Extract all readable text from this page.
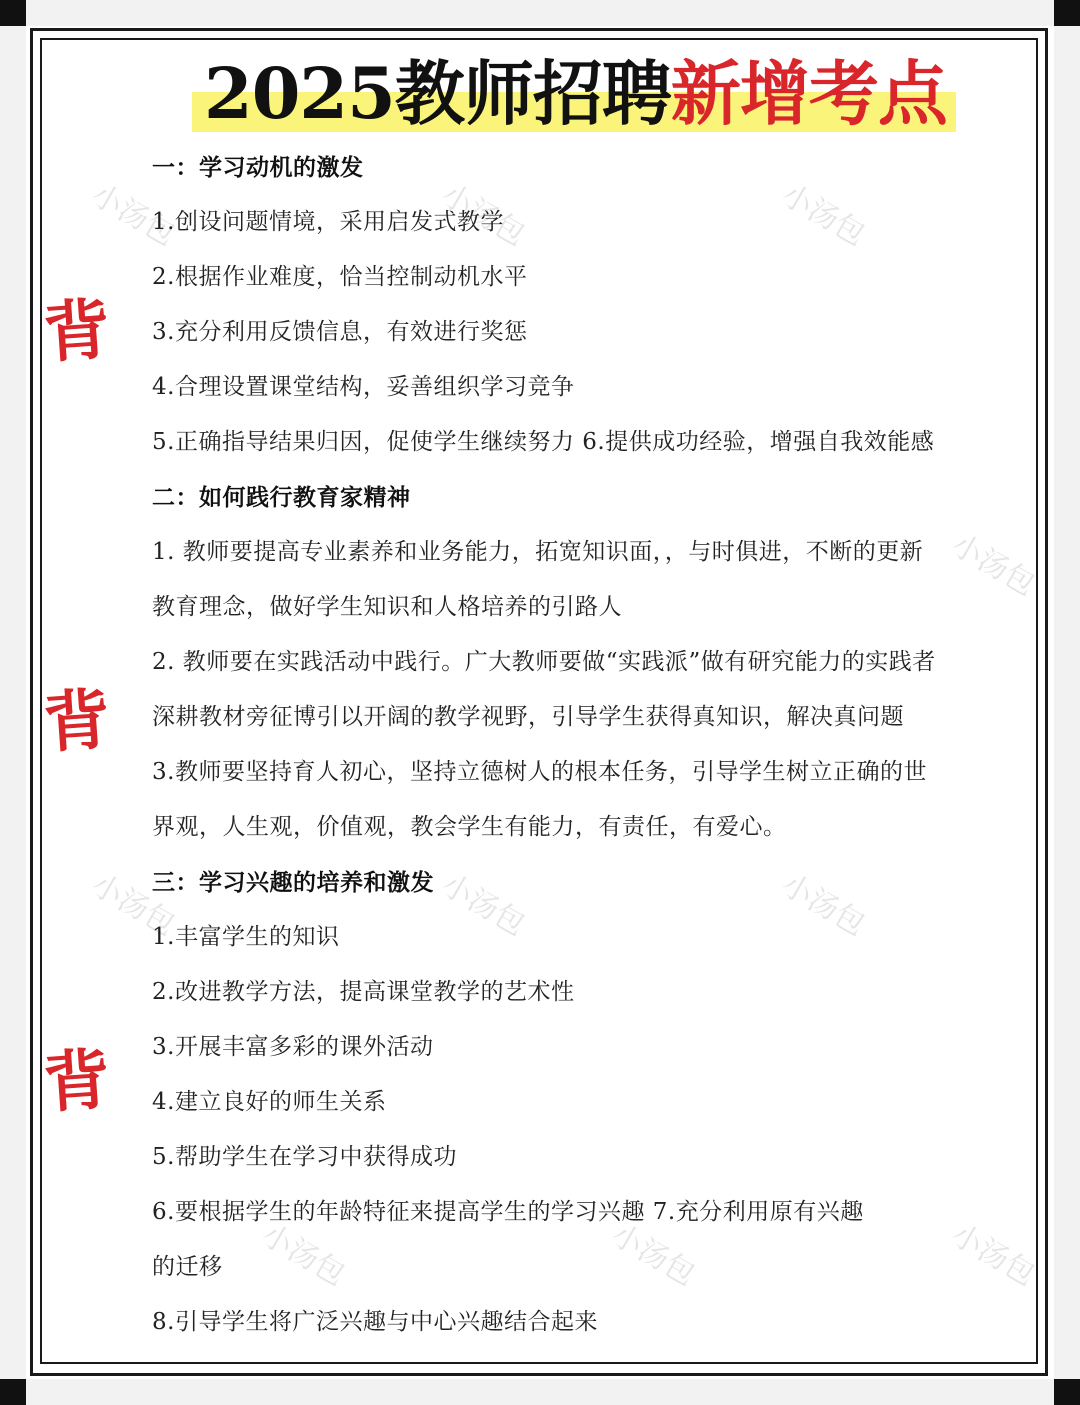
小汤包	小汤包	小汤包
小汤包
小汤包	小汤包	小汤包
小汤包	小汤包	小汤包
2025教师招聘新增考点
背
背
背
一：学习动机的激发
1.创设问题情境，采用启发式教学
2.根据作业难度，恰当控制动机水平
3.充分利用反馈信息，有效进行奖惩
4.合理设置课堂结构，妥善组织学习竞争
5.正确指导结果归因，促使学生继续努力 6.提供成功经验，增强自我效能感
二：如何践行教育家精神
1. 教师要提高专业素养和业务能力，拓宽知识面，，与时俱进，不断的更新
教育理念，做好学生知识和人格培养的引路人
2. 教师要在实践活动中践行。广大教师要做“实践派”做有研究能力的实践者
深耕教材旁征博引以开阔的教学视野，引导学生获得真知识，解决真问题
3.教师要坚持育人初心，坚持立德树人的根本任务，引导学生树立正确的世
界观，人生观，价值观，教会学生有能力，有责任，有爱心。
三：学习兴趣的培养和激发
1.丰富学生的知识
2.改进教学方法，提高课堂教学的艺术性
3.开展丰富多彩的课外活动
4.建立良好的师生关系
5.帮助学生在学习中获得成功
6.要根据学生的年龄特征来提高学生的学习兴趣 7.充分利用原有兴趣
的迁移
8.引导学生将广泛兴趣与中心兴趣结合起来
